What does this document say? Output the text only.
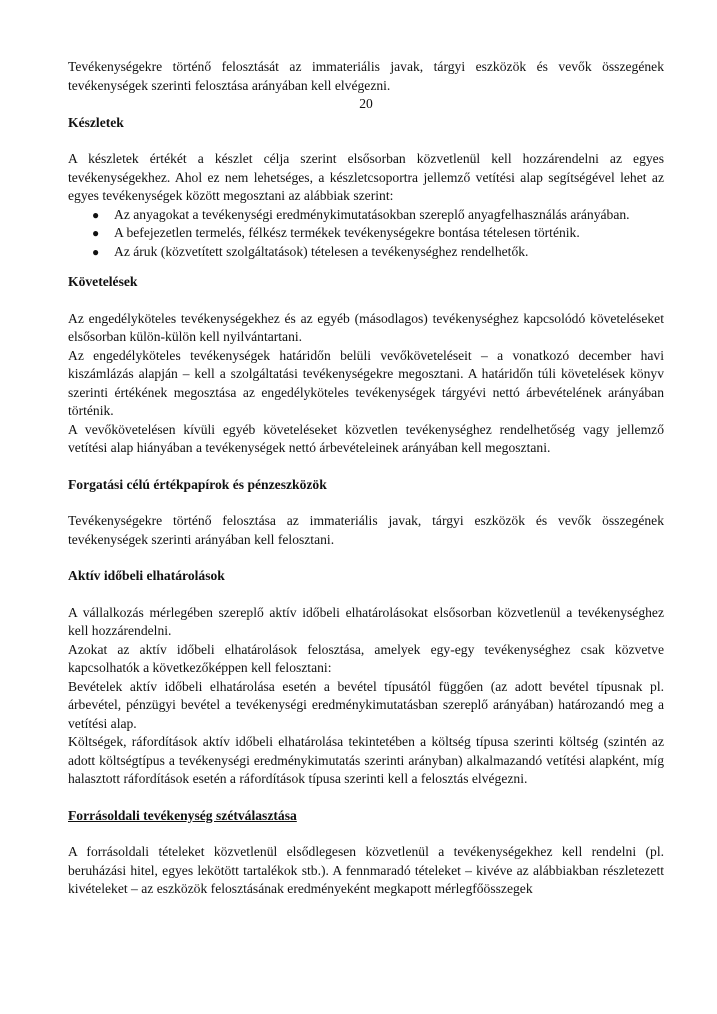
Tevékenységekre történő felosztását az immateriális javak, tárgyi eszközök és vevők összegének tevékenységek szerinti felosztása arányában kell elvégezni.

20

Készletek

A készletek értékét a készlet célja szerint elsősorban közvetlenül kell hozzárendelni az egyes tevékenységekhez. Ahol ez nem lehetséges, a készletcsoportra jellemző vetítési alap segítségével lehet az egyes tevékenységek között megosztani az alábbiak szerint:

● Az anyagokat a tevékenységi eredménykimutatásokban szereplő anyagfelhasználás arányában.
● A befejezetlen termelés, félkész termékek tevékenységekre bontása tételesen történik.
● Az áruk (közvetített szolgáltatások) tételesen a tevékenységhez rendelhetők.
Követelések

Az engedélyköteles tevékenységekhez és az egyéb (másodlagos) tevékenységhez kapcsolódó követeléseket elsősorban külön-külön kell nyilvántartani.

Az engedélyköteles tevékenységek határidőn belüli vevőköveteléseit – a vonatkozó december havi kiszámlázás alapján – kell a szolgáltatási tevékenységekre megosztani. A határidőn túli követelések könyv szerinti értékének megosztása az engedélyköteles tevékenységek tárgyévi nettó árbevételének arányában történik.

A vevőkövetelésen kívüli egyéb követeléseket közvetlen tevékenységhez rendelhetőség vagy jellemző vetítési alap hiányában a tevékenységek nettó árbevételeinek arányában kell megosztani.

Forgatási célú értékpapírok és pénzeszközök

Tevékenységekre történő felosztása az immateriális javak, tárgyi eszközök és vevők összegének tevékenységek szerinti arányában kell felosztani.

Aktív időbeli elhatárolások

A vállalkozás mérlegében szereplő aktív időbeli elhatárolásokat elsősorban közvetlenül a tevékenységhez kell hozzárendelni.

Azokat az aktív időbeli elhatárolások felosztása, amelyek egy-egy tevékenységhez csak közvetve kapcsolhatók a következőképpen kell felosztani:

Bevételek aktív időbeli elhatárolása esetén a bevétel típusától függően (az adott bevétel típusnak pl. árbevétel, pénzügyi bevétel a tevékenységi eredménykimutatásban szereplő arányában) határozandó meg a vetítési alap.

Költségek, ráfordítások aktív időbeli elhatárolása tekintetében a költség típusa szerinti költség (szintén az adott költségtípus a tevékenységi eredménykimutatás szerinti arányban) alkalmazandó vetítési alapként, míg halasztott ráfordítások esetén a ráfordítások típusa szerinti kell a felosztás elvégezni.

Forrásoldali tevékenység szétválasztása

A forrásoldali tételeket közvetlenül elsődlegesen közvetlenül a tevékenységekhez kell rendelni (pl. beruházási hitel, egyes lekötött tartalékok stb.). A fennmaradó tételeket – kivéve az alábbiakban részletezett kivételeket – az eszközök felosztásának eredményeként megkapott mérlegfőösszegek
